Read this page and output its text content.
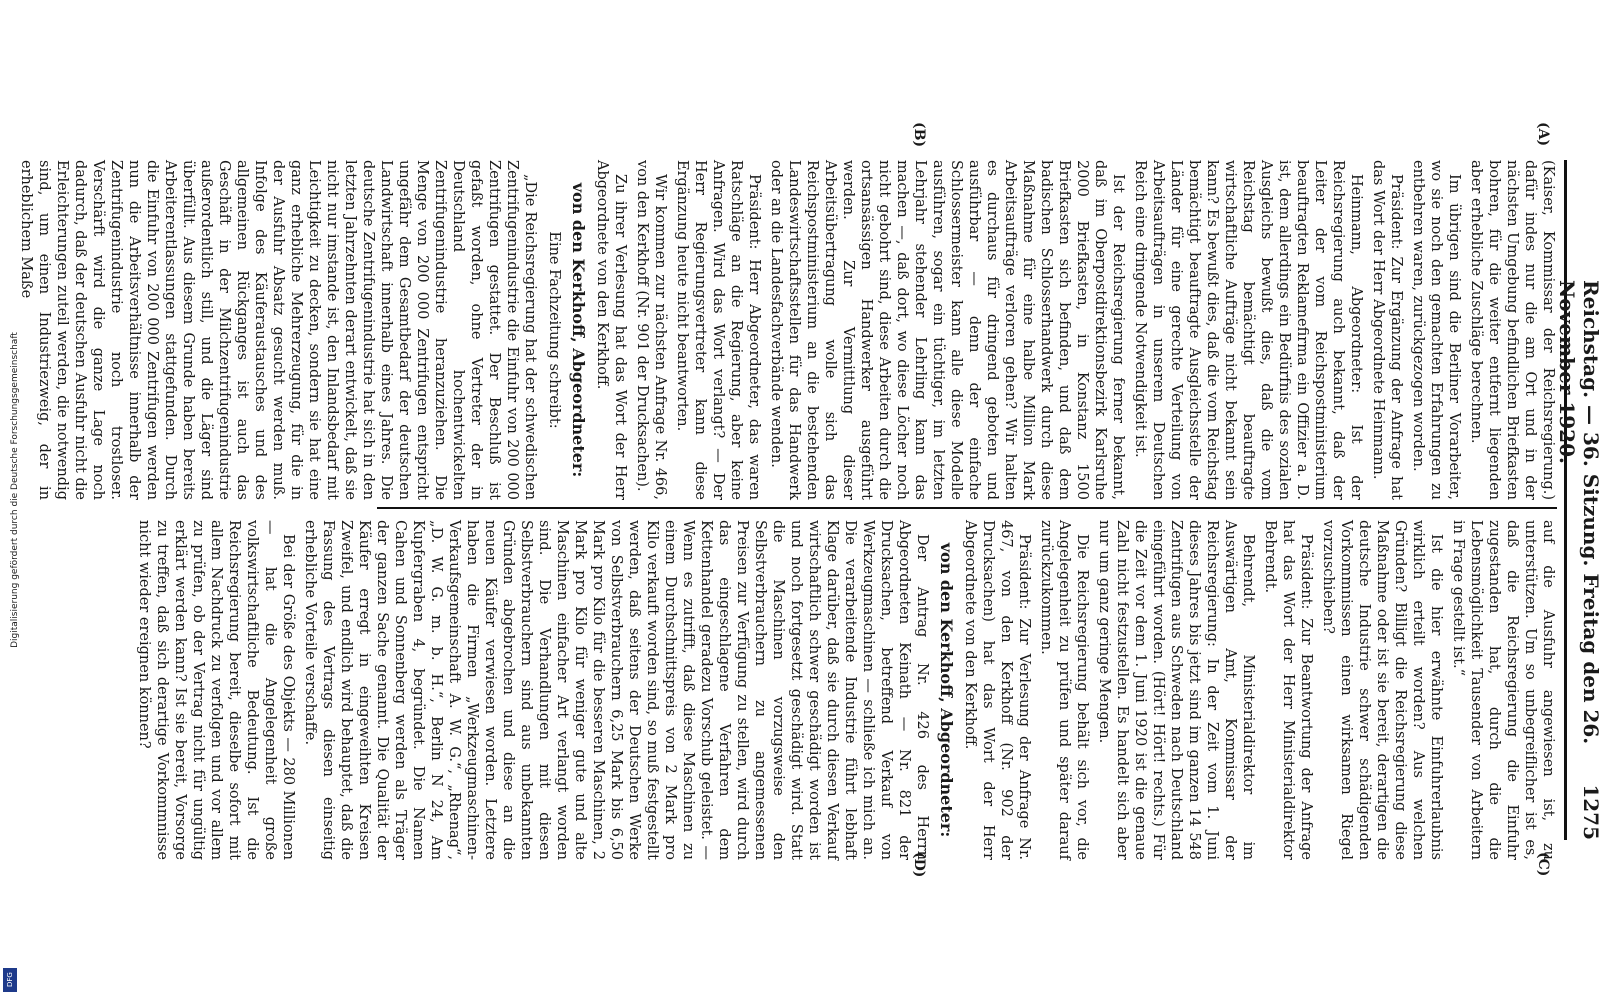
Reichstag. — 36. Sitzung. Freitag den 26. November 1920.
1275
(A)
(B)
(C)
(D)

(Kaiser, Kommissar der Reichsregierung.) dafür indes nur die am Ort und in der nächsten Umgebung befindlichen Briefkasten bohren, für die weiter entfernt liegenden aber erhebliche Zuschläge berechnen.

Im übrigen sind die Berliner Vorarbeiter, wo sie noch den gemachten Erfahrungen zu entbehren waren, zurückgezogen worden.

Präsident: Zur Ergänzung der Anfrage hat das Wort der Herr Abgeordnete Heinmann.

Heinmann, Abgeordneter: Ist der Reichsregierung auch bekannt, daß der Leiter der vom Reichspostministerium beauftragten Reklamefirma ein Offizier a. D. ist, dem allerdings ein Bedürfnis des sozialen Ausgleichs bewußt dies, daß die vom Reichstag bemächtigt beauftragte wirtschaftliche Aufträge nicht bekannt sein kann? Es bewußt dies, daß die vom Reichstag bemächtigt beauftragte Ausgleichsstelle der Länder für eine gerechte Verteilung von Arbeitsaufträgen in unserem Deutschen Reich eine dringende Notwendigkeit ist.

Ist der Reichsregierung ferner bekannt, daß im Oberpostdirektionsbezirk Karlsruhe 2000 Briefkasten, in Konstanz 1500 Briefkasten sich befinden, und daß dem badischen Schlosserhandwerk durch diese Maßnahme für eine halbe Million Mark Arbeitsaufträge verloren gehen? Wir halten es durchaus für dringend geboten und ausführbar — denn der einfache Schlossermeister kann alle diese Modelle ausführen, sogar ein tüchtiger, im letzten Lehrjahr stehender Lehrling kann das machen —, daß dort, wo diese Löcher noch nicht gebohrt sind, diese Arbeiten durch die ortsansässigen Handwerker ausgeführt werden. Zur Vermittlung dieser Arbeitsübertragung wolle sich das Reichspostministerium an die bestehenden Landeswirtschaftsstellen für das Handwerk oder an die Landesfachverbände wenden.

Präsident: Herr Abgeordneter, das waren Ratschläge an die Regierung, aber keine Anfragen. Wird das Wort verlangt? — Der Herr Regierungsvertreter kann diese Ergänzung heute nicht beantworten.

Wir kommen zur nächsten Anfrage Nr. 466, von den Kerkhoff (Nr. 901 der Drucksachen).

Zu ihrer Verlesung hat das Wort der Herr Abgeordnete von den Kerkhoff.

von den Kerkhoff, Abgeordneter:

Eine Fachzeitung schreibt:

„Die Reichsregierung hat der schwedischen Zentrifugenindustrie die Einfuhr von 200 000 Zentrifugen gestattet. Der Beschluß ist gefaßt worden, ohne Vertreter der in Deutschland hochentwickelten Zentrifugenindustrie heranzuziehen. Die Menge von 200 000 Zentrifugen entspricht ungefähr dem Gesamtbedarf der deutschen Landwirtschaft innerhalb eines Jahres. Die deutsche Zentrifugenindustrie hat sich in den letzten Jahrzehnten derart entwickelt, daß sie nicht nur imstande ist, den Inlandsbedarf mit Leichtigkeit zu decken, sondern sie hat eine ganz erhebliche Mehrerzeugung, für die in der Ausfuhr Absatz gesucht werden muß. Infolge des Käuferaustausches und des allgemeinen Rückganges ist auch das Geschäft in der Milchzentrifugenindustrie außerordentlich still, und die Läger sind überfüllt. Aus diesem Grunde haben bereits Arbeiterentlassungen stattgefunden. Durch die Einfuhr von 200 000 Zentrifugen werden nun die Arbeitsverhältnisse innerhalb der Zentrifugenindustrie noch trostloser. Verschärft wird die ganze Lage noch dadurch, daß der deutschen Ausfuhr nicht die Erleichterungen zuteil werden, die notwendig sind, um einen Industriezweig, der in erheblichem Maße

auf die Ausfuhr angewiesen ist, zu unterstützen. Um so unbegreiflicher ist es, daß die Reichsregierung die Einfuhr zugestanden hat, durch die die Lebensmöglichkeit Tausender von Arbeitern in Frage gestellt ist.“

Ist die hier erwähnte Einfuhrerlaubnis wirklich erteilt worden? Aus welchen Gründen? Billigt die Reichsregierung diese Maßnahme oder ist sie bereit, derartigen die deutsche Industrie schwer schädigenden Vorkommnissen einen wirksamen Riegel vorzuschieben?

Präsident: Zur Beantwortung der Anfrage hat das Wort der Herr Ministerialdirektor Behrendt.

Behrendt, Ministerialdirektor im Auswärtigen Amt, Kommissar der Reichsregierung: In der Zeit vom 1. Juni dieses Jahres bis jetzt sind im ganzen 14 548 Zentrifugen aus Schweden nach Deutschland eingeführt worden. (Hört! Hört! rechts.) Für die Zeit vor dem 1. Juni 1920 ist die genaue Zahl nicht festzustellen. Es handelt sich aber nur um ganz geringe Mengen.

Die Reichsregierung behält sich vor, die Angelegenheit zu prüfen und später darauf zurückzukommen.

Präsident: Zur Verlesung der Anfrage Nr. 467, von den Kerkhoff (Nr. 902 der Drucksachen) hat das Wort der Herr Abgeordnete von den Kerkhoff.

von den Kerkhoff, Abgeordneter:

Der Antrag Nr. 426 des Herrn Abgeordneten Keinath — Nr. 821 der Drucksachen, betreffend Verkauf von Werkzeugmaschinen — schließe ich mich an. Die verarbeitende Industrie führt lebhaft Klage darüber, daß sie durch diesen Verkauf wirtschaftlich schwer geschädigt worden ist und noch fortgesetzt geschädigt wird. Statt die Maschinen vorzugsweise den Selbstverbrauchern zu angemessenen Preisen zur Verfügung zu stellen, wird durch das eingeschlagene Verfahren dem Kettenhandel geradezu Vorschub geleistet. — Wenn es zutrifft, daß diese Maschinen zu einem Durchschnittspreis von 2 Mark pro Kilo verkauft worden sind, so muß festgestellt werden, daß seitens der Deutschen Werke von Selbstverbrauchern 6,25 Mark bis 6,50 Mark pro Kilo für die besseren Maschinen, 2 Mark pro Kilo für weniger gute und alte Maschinen einfacher Art verlangt worden sind. Die Verhandlungen mit diesen Selbstverbrauchern sind aus unbekannten Gründen abgebrochen und diese an die neuen Käufer verwiesen worden. Letztere haben die Firmen „Werkzeugmaschinen-Verkaufsgemeinschaft A. W. G.“, „Rhenag“, „D. W. G. m. b. H.“, Berlin N 24, Am Kupfergraben 4, begründet. Die Namen Cahen und Sonnenberg werden als Träger der ganzen Sache genannt. Die Qualität der Käufer erregt in eingeweihten Kreisen Zweifel, und endlich wird behauptet, daß die Fassung des Vertrags diesen einseitig erhebliche Vorteile verschaffe.

Bei der Größe des Objekts — 280 Millionen — hat die Angelegenheit große volkswirtschaftliche Bedeutung. Ist die Reichsregierung bereit, dieselbe sofort mit allem Nachdruck zu verfolgen und vor allem zu prüfen, ob der Vertrag nicht für ungültig erklärt werden kann? Ist sie bereit, Vorsorge zu treffen, daß sich derartige Vorkommnisse nicht wieder ereignen können?

Digitalisierung gefördert durch die Deutsche Forschungsgemeinschaft
DFG
